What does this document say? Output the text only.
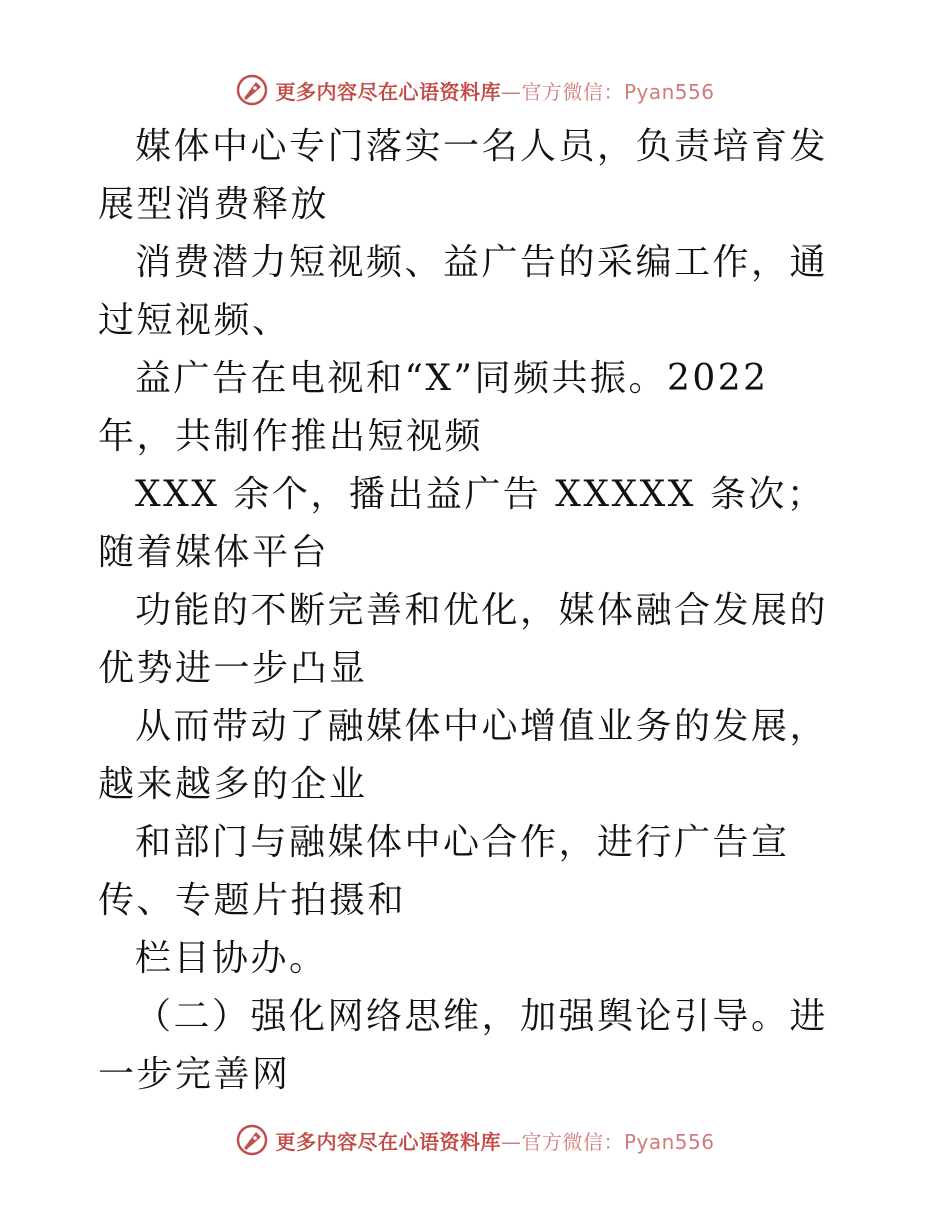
更多内容尽在心语资料库—官方微信：Pyan556

媒体中心专门落实一名人员，负责培育发展型消费释放

消费潜力短视频、益广告的采编工作，通过短视频、

益广告在电视和“X”同频共振。2022 年，共制作推出短视频

XXX 余个，播出益广告 XXXXX 条次；随着媒体平台

功能的不断完善和优化，媒体融合发展的优势进一步凸显

从而带动了融媒体中心增值业务的发展，越来越多的企业

和部门与融媒体中心合作，进行广告宣传、专题片拍摄和

栏目协办。

（二）强化网络思维，加强舆论引导。进一步完善网

更多内容尽在心语资料库—官方微信：Pyan556
